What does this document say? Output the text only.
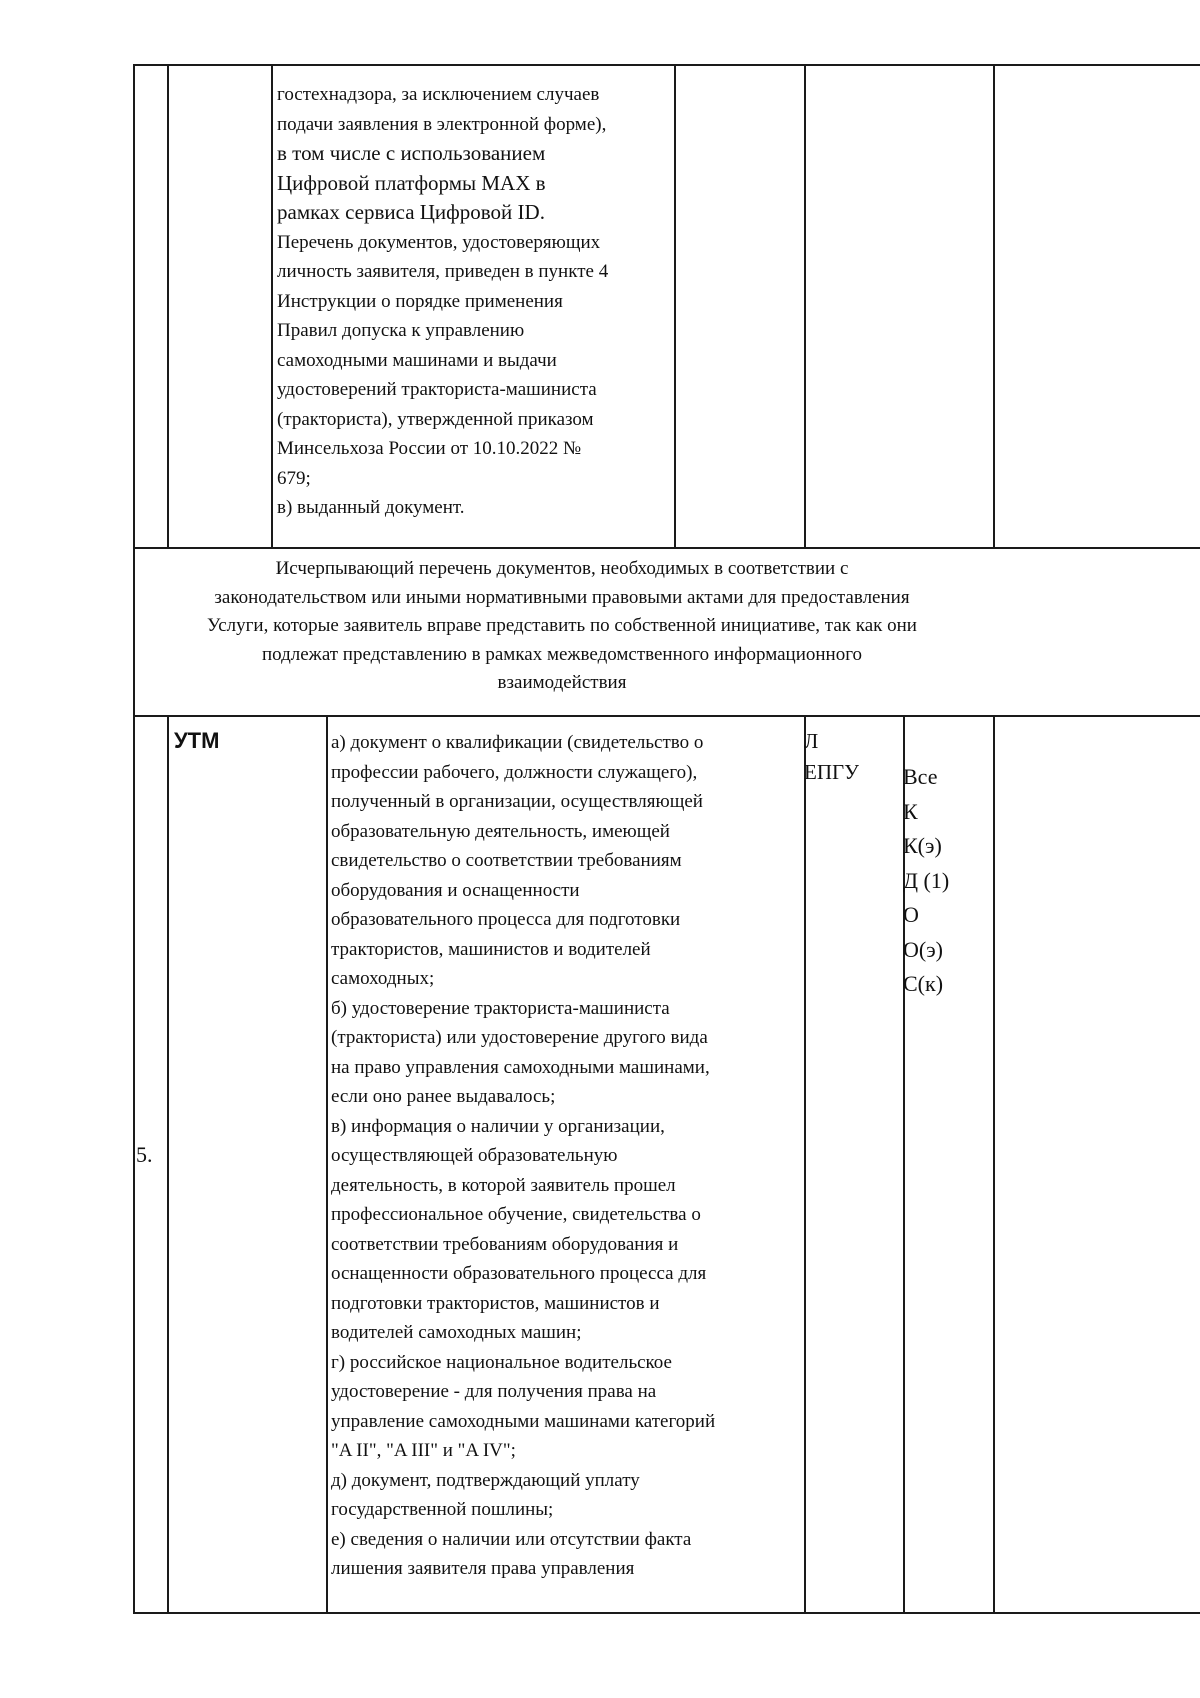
гостехнадзора, за исключением случаев
подачи заявления в электронной форме),
в том числе с использованием
Цифровой платформы MAX в
рамках сервиса Цифровой ID.
Перечень документов, удостоверяющих
личность заявителя, приведен в пункте 4
Инструкции о порядке применения
Правил допуска к управлению
самоходными машинами и выдачи
удостоверений тракториста-машиниста
(тракториста), утвержденной приказом
Минсельхоза России от 10.10.2022 №
679;
в) выданный документ.
Исчерпывающий перечень документов, необходимых в соответствии с
законодательством или иными нормативными правовыми актами для предоставления
Услуги, которые заявитель вправе представить по собственной инициативе, так как они
подлежат представлению в рамках межведомственного информационного
взаимодействия
5.
УТМ	а) документ о квалификации (свидетельство о
профессии рабочего, должности служащего),
полученный в организации, осуществляющей
образовательную деятельность, имеющей
свидетельство о соответствии требованиям
оборудования и оснащенности
образовательного процесса для подготовки
трактористов, машинистов и водителей
самоходных;
б) удостоверение тракториста-машиниста
(тракториста) или удостоверение другого вида
на право управления самоходными машинами,
если оно ранее выдавалось;
в) информация о наличии у организации,
осуществляющей образовательную
деятельность, в которой заявитель прошел
профессиональное обучение, свидетельства о
соответствии требованиям оборудования и
оснащенности образовательного процесса для
подготовки трактористов, машинистов и
водителей самоходных машин;
г) российское национальное водительское
удостоверение - для получения права на
управление самоходными машинами категорий
"A II", "A III" и "A IV";
д) документ, подтверждающий уплату
государственной пошлины;
е) сведения о наличии или отсутствии факта
лишения заявителя права управления
Л
ЕПГУ Все
К
К(э)
Д (1)
О
О(э)
С(к)
